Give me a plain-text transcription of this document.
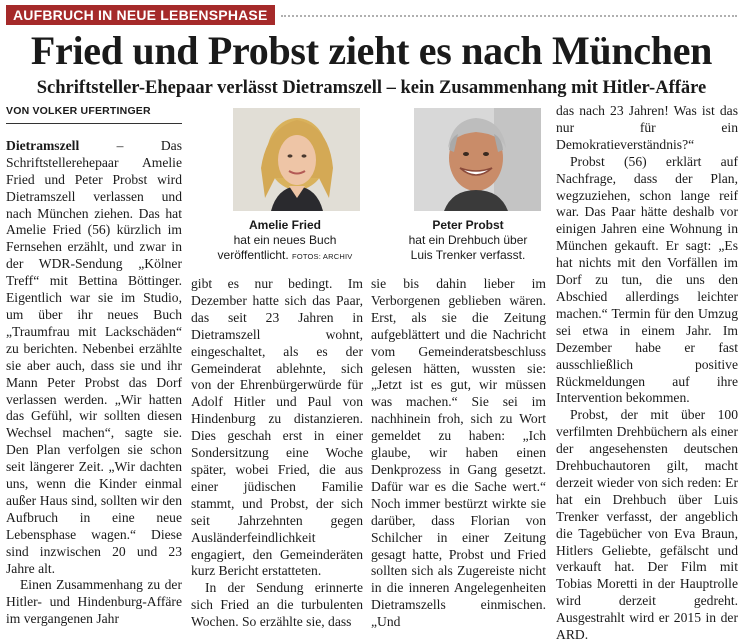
AUFBRUCH IN NEUE LEBENSPHASE
Fried und Probst zieht es nach München
Schriftsteller-Ehepaar verlässt Dietramszell – kein Zusammenhang mit Hitler-Affäre
VON VOLKER UFERTINGER

Dietramszell – Das Schriftstellerehepaar Amelie Fried und Peter Probst wird Dietramszell verlassen und nach München ziehen. Das hat Amelie Fried (56) kürzlich im Fernsehen erzählt, und zwar in der WDR-Sendung „Kölner Treff“ mit Bettina Böttinger. Eigentlich war sie im Studio, um über ihr neues Buch „Traumfrau mit Lackschäden“ zu berichten. Nebenbei erzählte sie aber auch, dass sie und ihr Mann Peter Probst das Dorf verlassen werden. „Wir hatten das Gefühl, wir sollten diesen Wechsel machen“, sagte sie. Den Plan verfolgen sie schon seit längerer Zeit. „Wir dachten uns, wenn die Kinder einmal außer Haus sind, sollten wir den Aufbruch in eine neue Lebensphase wagen.“ Diese sind inzwischen 20 und 23 Jahre alt.

Einen Zusammenhang zu der Hitler- und Hindenburg-Affäre im vergangenen Jahr

Amelie Fried
hat ein neues Buch
veröffentlicht. FOTOS: ARCHIV
Peter Probst
hat ein Drehbuch über
Luis Trenker verfasst.

gibt es nur bedingt. Im Dezember hatte sich das Paar, das seit 23 Jahren in Dietramszell wohnt, eingeschaltet, als es der Gemeinderat ablehnte, sich von der Ehrenbürgerwürde für Adolf Hitler und Paul von Hindenburg zu distanzieren. Dies geschah erst in einer Sondersitzung eine Woche später, wobei Fried, die aus einer jüdischen Familie stammt, und Probst, der sich seit Jahrzehnten gegen Ausländerfeindlichkeit engagiert, den Gemeinderäten kurz Bericht erstatteten.

In der Sendung erinnerte sich Fried an die turbulenten Wochen. So erzählte sie, dass

sie bis dahin lieber im Verborgenen geblieben wären. Erst, als sie die Zeitung aufgeblättert und die Nachricht vom Gemeinderatsbeschluss gelesen hätten, wussten sie: „Jetzt ist es gut, wir müssen was machen.“ Sie sei im nachhinein froh, sich zu Wort gemeldet zu haben: „Ich glaube, wir haben einen Denkprozess in Gang gesetzt. Dafür war es die Sache wert.“ Noch immer bestürzt wirkte sie darüber, dass Florian von Schilcher in einer Zeitung gesagt hatte, Probst und Fried sollten sich als Zugereiste nicht in die inneren Angelegenheiten Dietramszells einmischen. „Und

das nach 23 Jahren! Was ist das nur für ein Demokratieverständnis?“

Probst (56) erklärt auf Nachfrage, dass der Plan, wegzuziehen, schon lange reif war. Das Paar hätte deshalb vor einigen Jahren eine Wohnung in München gekauft. Er sagt: „Es hat nichts mit den Vorfällen im Dorf zu tun, die uns den Abschied allerdings leichter machen.“ Termin für den Umzug sei etwa in einem Jahr. Im Dezember habe er fast ausschließlich positive Rückmeldungen auf ihre Intervention bekommen.

Probst, der mit über 100 verfilmten Drehbüchern als einer der angesehensten deutschen Drehbuchautoren gilt, macht derzeit wieder von sich reden: Er hat ein Drehbuch über Luis Trenker verfasst, der angeblich die Tagebücher von Eva Braun, Hitlers Geliebte, gefälscht und verkauft hat. Der Film mit Tobias Moretti in der Hauptrolle wird derzeit gedreht. Ausgestrahlt wird er 2015 in der ARD.
